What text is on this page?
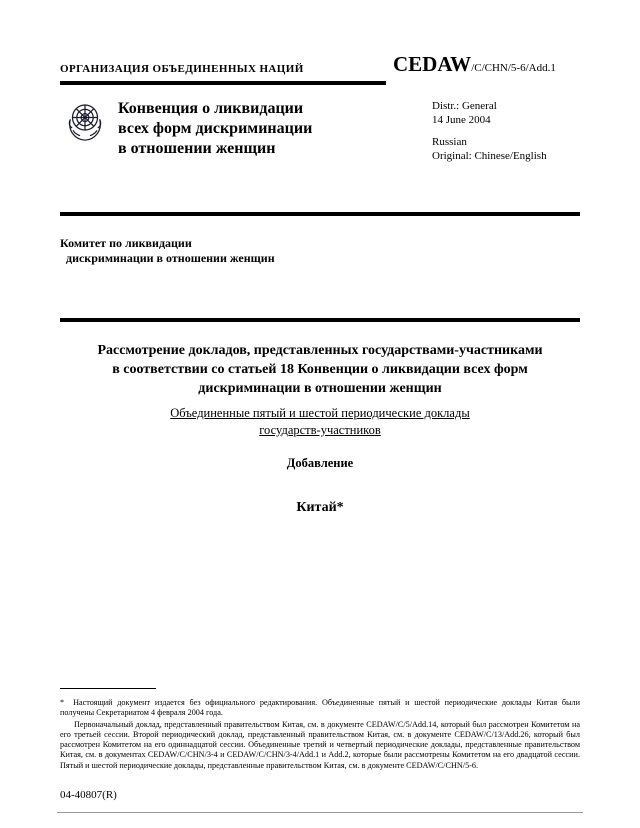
ОРГАНИЗАЦИЯ ОБЪЕДИНЕННЫХ НАЦИЙ	CEDAW/C/CHN/5-6/Add.1
Конвенция о ликвидации
всех форм дискриминации
в отношении женщин
Distr.: General
14 June 2004
Russian
Original: Chinese/English
Комитет по ликвидации
дискриминации в отношении женщин
Рассмотрение докладов, представленных государствами-участниками
в соответствии со статьей 18 Конвенции о ликвидации всех форм
дискриминации в отношении женщин
Объединенные пятый и шестой периодические доклады
государств-участников
Добавление
Китай*

* Настоящий документ издается без официального редактирования. Объединенные пятый и шестой периодические доклады Китая были получены Секретариатом 4 февраля 2004 года.

Первоначальный доклад, представленный правительством Китая, см. в документе CEDAW/C/5/Add.14, который был рассмотрен Комитетом на его третьей сессии. Второй периодический доклад, представленный правительством Китая, см. в документе CEDAW/C/13/Add.26, который был рассмотрен Комитетом на его одиннадцатой сессии. Объединенные третий и четвертый периодические доклады, представленные правительством Китая, см. в документах CEDAW/C/CHN/3-4 и CEDAW/C/CHN/3-4/Add.1 и Add.2, которые были рассмотрены Комитетом на его двадцатой сессии. Пятый и шестой периодические доклады, представленные правительством Китая, см. в документе CEDAW/C/CHN/5-6.

04-40807(R)
